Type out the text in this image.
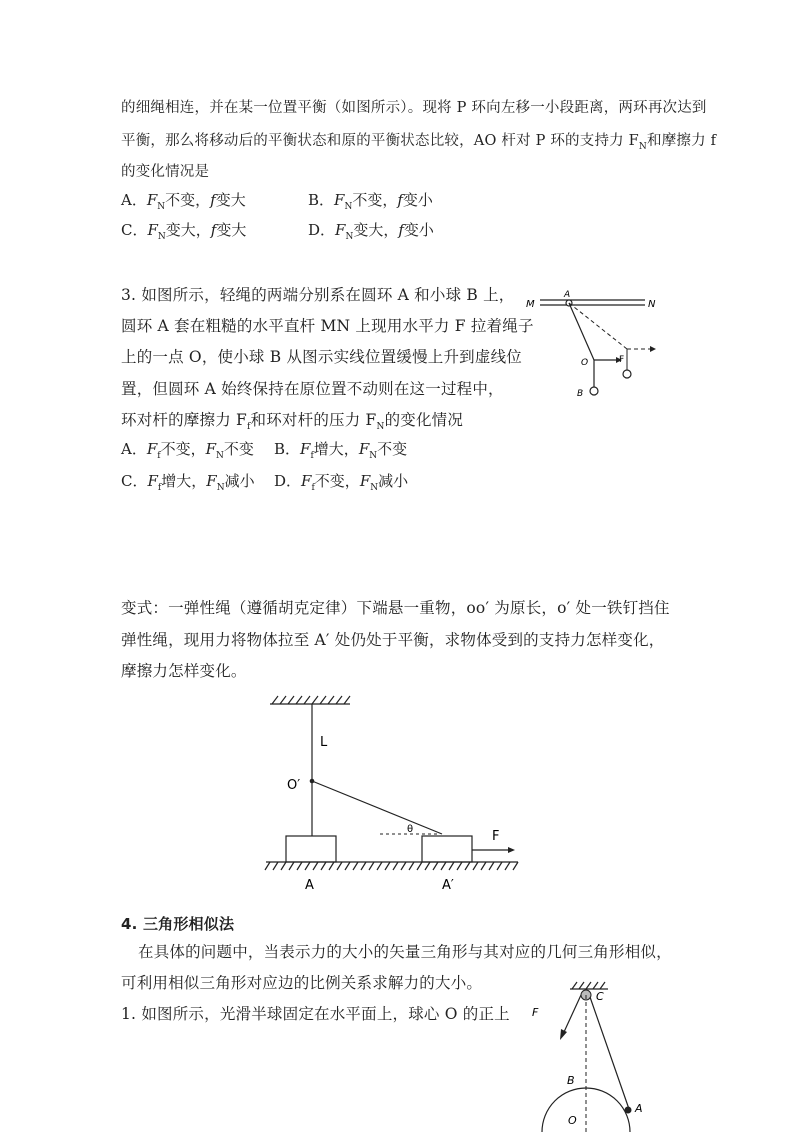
的细绳相连，并在某一位置平衡（如图所示）。现将 P 环向左移一小段距离，两环再次达到
平衡，那么将移动后的平衡状态和原的平衡状态比较，AO 杆对 P 环的支持力 $F_N$和摩擦力 f
的变化情况是
A．$F_N$不变，f变大	B．$F_N$不变，f变小
C．$F_N$变大，f变大	D．$F_N$变大，f变小
3. 如图所示，轻绳的两端分别系在圆环 A 和小球 B 上，
圆环 A 套在粗糙的水平直杆 MN 上现用水平力 F 拉着绳子
上的一点 O，使小球 B 从图示实线位置缓慢上升到虚线位
置，但圆环 A 始终保持在原位置不动则在这一过程中，
环对杆的摩擦力 $F_f$和环对杆的压力 $F_N$的变化情况
A．$F_f$不变，$F_N$不变 B．$F_f$增大，$F_N$不变
C．$F_f$增大，$F_N$减小 D．$F_f$不变，$F_N$减小
M
A
N
O	F
B
变式：一弹性绳（遵循胡克定律）下端悬一重物，oo′ 为原长，o′ 处一铁钉挡住
弹性绳，现用力将物体拉至 A′ 处仍处于平衡，求物体受到的支持力怎样变化，
摩擦力怎样变化。
L
O′
θ	F
A	A′
4. 三角形相似法
在具体的问题中，当表示力的大小的矢量三角形与其对应的几何三角形相似，
可利用相似三角形对应边的比例关系求解力的大小。
1. 如图所示，光滑半球固定在水平面上，球心 O 的正上
C
F
B
A
O
